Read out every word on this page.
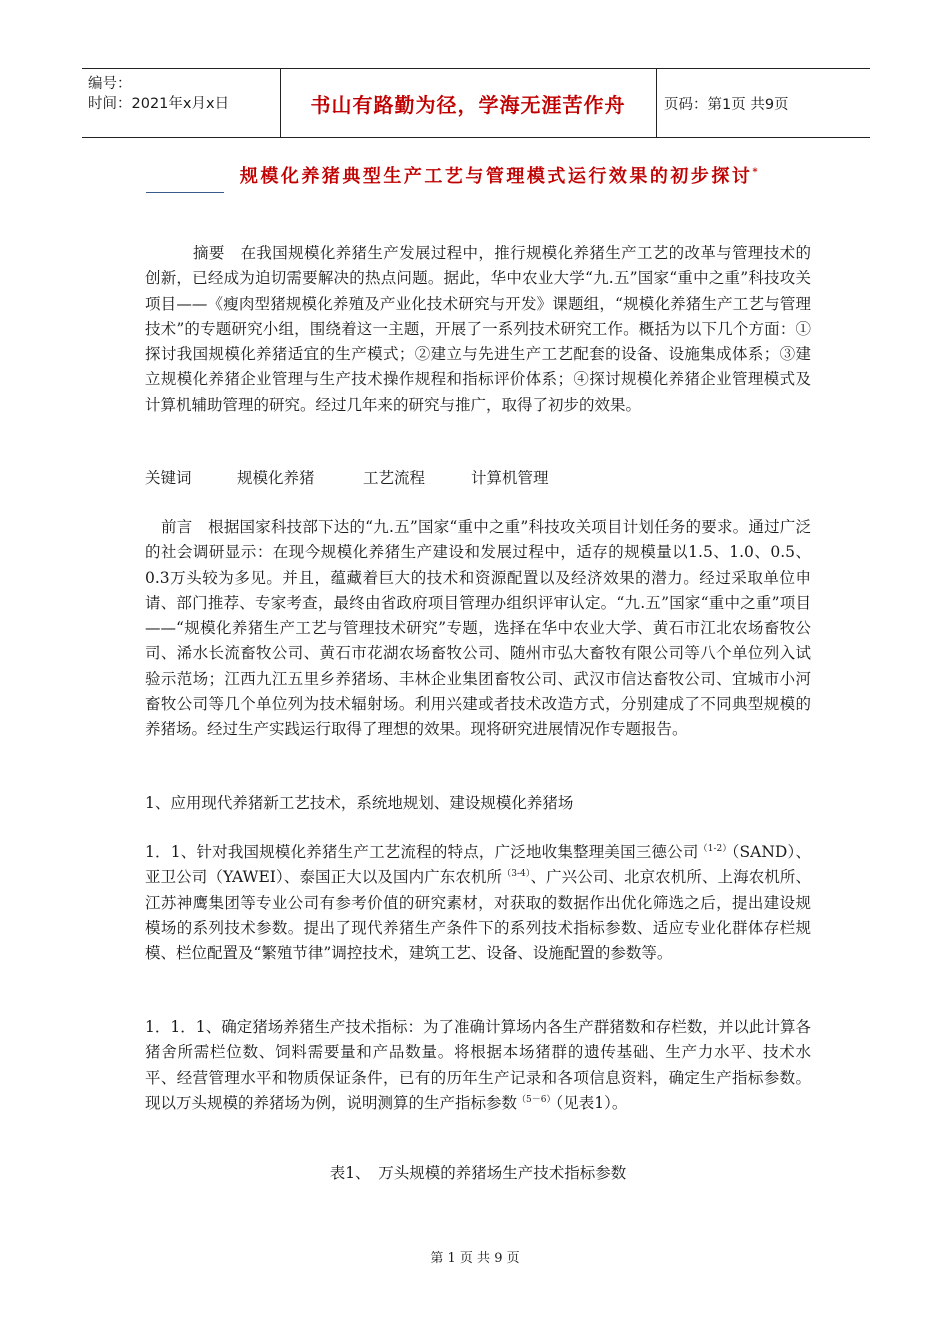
编号：
时间：2021年x月x日	书山有路勤为径，学海无涯苦作舟	页码：第1页 共9页
规模化养猪典型生产工艺与管理模式运行效果的初步探讨*
摘要　在我国规模化养猪生产发展过程中，推行规模化养猪生产工艺的改革与管理技术的创新，已经成为迫切需要解决的热点问题。据此，华中农业大学“九.五”国家“重中之重”科技攻关项目——《瘦肉型猪规模化养殖及产业化技术研究与开发》课题组，“规模化养猪生产工艺与管理技术”的专题研究小组，围绕着这一主题，开展了一系列技术研究工作。概括为以下几个方面：①探讨我国规模化养猪适宜的生产模式；②建立与先进生产工艺配套的设备、设施集成体系；③建立规模化养猪企业管理与生产技术操作规程和指标评价体系；④探讨规模化养猪企业管理模式及计算机辅助管理的研究。经过几年来的研究与推广，取得了初步的效果。
关键词	规模化养猪	工艺流程	计算机管理
前言　根据国家科技部下达的“九.五”国家“重中之重”科技攻关项目计划任务的要求。通过广泛的社会调研显示：在现今规模化养猪生产建设和发展过程中，适存的规模量以1.5、1.0、0.5、0.3万头较为多见。并且，蕴藏着巨大的技术和资源配置以及经济效果的潜力。经过采取单位申请、部门推荐、专家考查，最终由省政府项目管理办组织评审认定。“九.五”国家“重中之重”项目——“规模化养猪生产工艺与管理技术研究”专题，选择在华中农业大学、黄石市江北农场畜牧公司、浠水长流畜牧公司、黄石市花湖农场畜牧公司、随州市弘大畜牧有限公司等八个单位列入试验示范场；江西九江五里乡养猪场、丰林企业集团畜牧公司、武汉市信达畜牧公司、宜城市小河畜牧公司等几个单位列为技术辐射场。利用兴建或者技术改造方式，分别建成了不同典型规模的养猪场。经过生产实践运行取得了理想的效果。现将研究进展情况作专题报告。
1、应用现代养猪新工艺技术，系统地规划、建设规模化养猪场
1．1、针对我国规模化养猪生产工艺流程的特点，广泛地收集整理美国三德公司$^{(1-2)}$（SAND）、亚卫公司（YAWEI）、泰国正大以及国内广东农机所$^{(3-4)}$、广兴公司、北京农机所、上海农机所、江苏神鹰集团等专业公司有参考价值的研究素材，对获取的数据作出优化筛选之后，提出建设规模场的系列技术参数。提出了现代养猪生产条件下的系列技术指标参数、适应专业化群体存栏规模、栏位配置及“繁殖节律”调控技术，建筑工艺、设备、设施配置的参数等。
1．1．1、确定猪场养猪生产技术指标：为了准确计算场内各生产群猪数和存栏数，并以此计算各猪舍所需栏位数、饲料需要量和产品数量。将根据本场猪群的遗传基础、生产力水平、技术水平、经营管理水平和物质保证条件，已有的历年生产记录和各项信息资料，确定生产指标参数。现以万头规模的养猪场为例，说明测算的生产指标参数$^{(5-6)}$（见表1）。
表1、　万头规模的养猪场生产技术指标参数
第 1 页 共 9 页
